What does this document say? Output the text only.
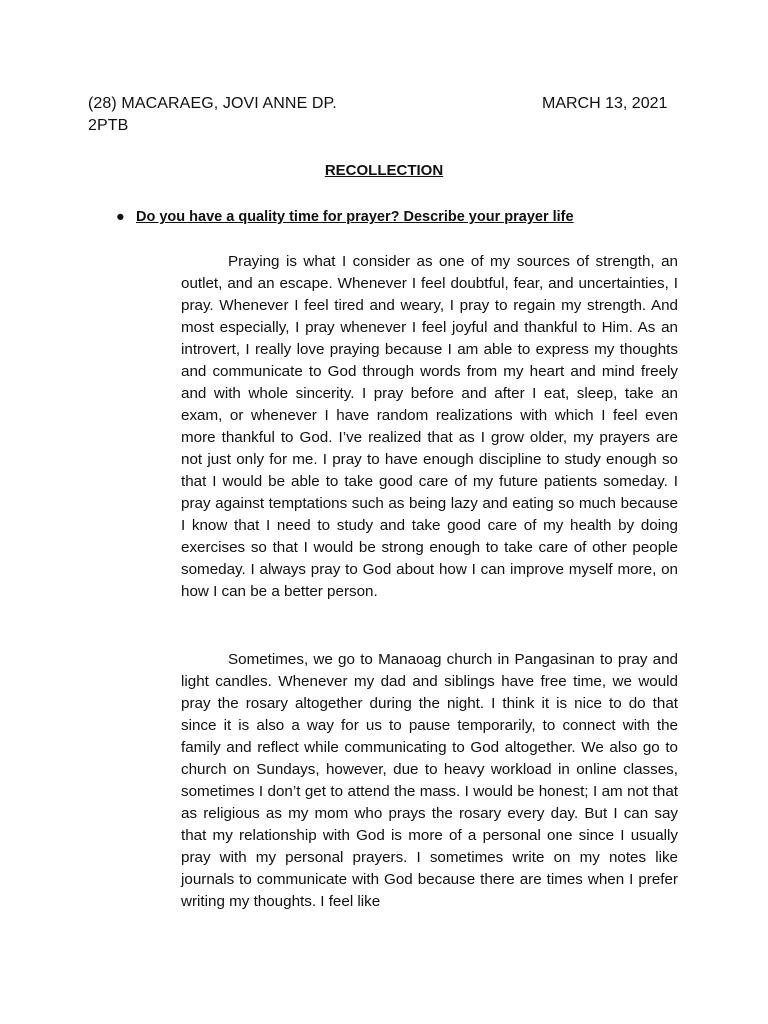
(28) MACARAEG, JOVI ANNE DP.
2PTB
MARCH 13, 2021
RECOLLECTION
● Do you have a quality time for prayer? Describe your prayer life

Praying is what I consider as one of my sources of strength, an outlet, and an escape. Whenever I feel doubtful, fear, and uncertainties, I pray. Whenever I feel tired and weary, I pray to regain my strength. And most especially, I pray whenever I feel joyful and thankful to Him. As an introvert, I really love praying because I am able to express my thoughts and communicate to God through words from my heart and mind freely and with whole sincerity. I pray before and after I eat, sleep, take an exam, or whenever I have random realizations with which I feel even more thankful to God. I’ve realized that as I grow older, my prayers are not just only for me. I pray to have enough discipline to study enough so that I would be able to take good care of my future patients someday. I pray against temptations such as being lazy and eating so much because I know that I need to study and take good care of my health by doing exercises so that I would be strong enough to take care of other people someday. I always pray to God about how I can improve myself more, on how I can be a better person.

Sometimes, we go to Manaoag church in Pangasinan to pray and light candles. Whenever my dad and siblings have free time, we would pray the rosary altogether during the night. I think it is nice to do that since it is also a way for us to pause temporarily, to connect with the family and reflect while communicating to God altogether. We also go to church on Sundays, however, due to heavy workload in online classes, sometimes I don’t get to attend the mass. I would be honest; I am not that as religious as my mom who prays the rosary every day. But I can say that my relationship with God is more of a personal one since I usually pray with my personal prayers. I sometimes write on my notes like journals to communicate with God because there are times when I prefer writing my thoughts. I feel like
